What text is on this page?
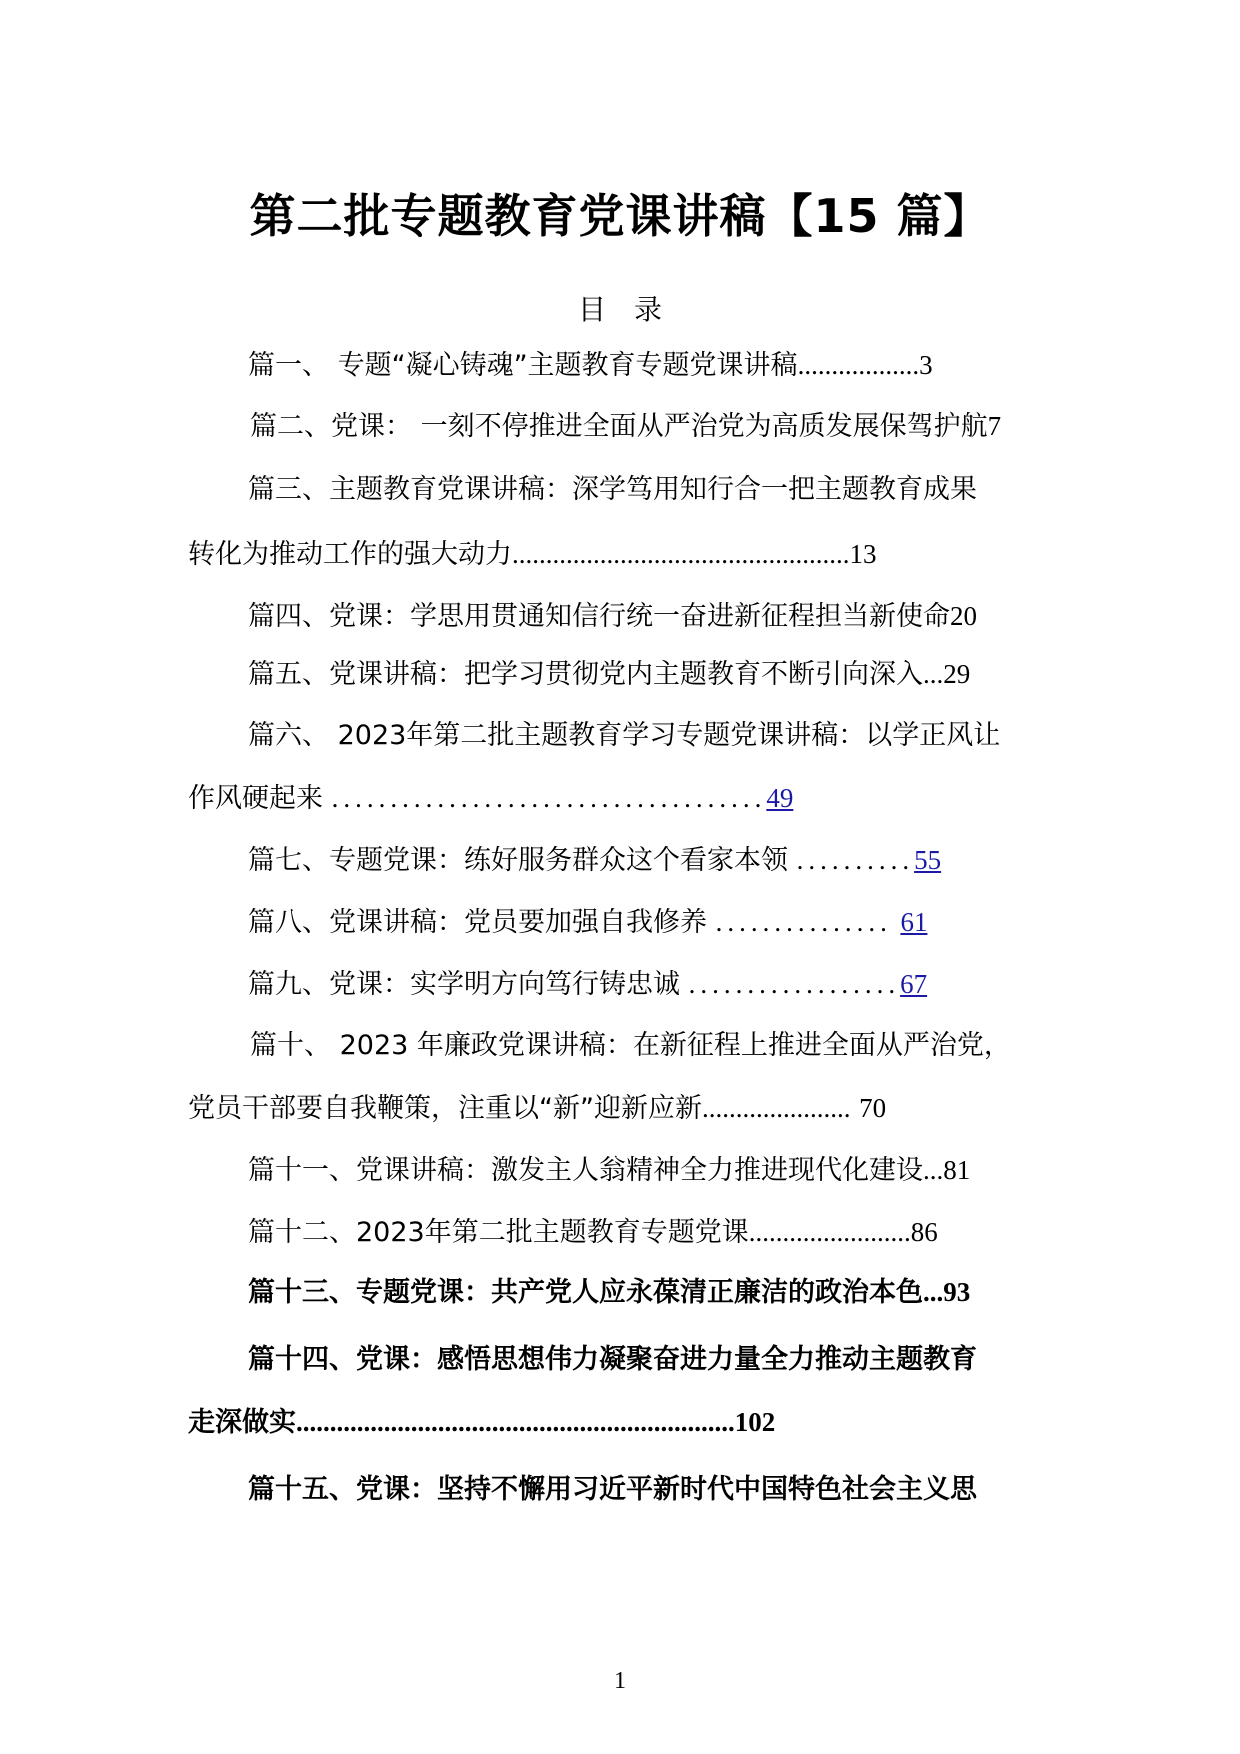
第二批专题教育党课讲稿【15 篇】
目录
篇一、 专题“凝心铸魂”主题教育专题党课讲稿..................3
篇二、党课： 一刻不停推进全面从严治党为高质发展保驾护航7
篇三、主题教育党课讲稿：深学笃用知行合一把主题教育成果
转化为推动工作的强大动力..................................................13
篇四、党课：学思用贯通知信行统一奋进新征程担当新使命20
篇五、党课讲稿：把学习贯彻党内主题教育不断引向深入...29
篇六、 2023年第二批主题教育学习专题党课讲稿：以学正风让
作风硬起来 .....................................49
篇七、专题党课：练好服务群众这个看家本领 ..........55
篇八、党课讲稿：党员要加强自我修养 ............... 61
篇九、党课：实学明方向笃行铸忠诚 ..................67
篇十、 2023 年廉政党课讲稿：在新征程上推进全面从严治党，
党员干部要自我鞭策，注重以“新”迎新应新...................... 70
篇十一、党课讲稿：激发主人翁精神全力推进现代化建设...81
篇十二、2023年第二批主题教育专题党课........................86
篇十三、专题党课：共产党人应永葆清正廉洁的政治本色...93
篇十四、党课：感悟思想伟力凝聚奋进力量全力推动主题教育
走深做实.................................................................102
篇十五、党课：坚持不懈用习近平新时代中国特色社会主义思
1
